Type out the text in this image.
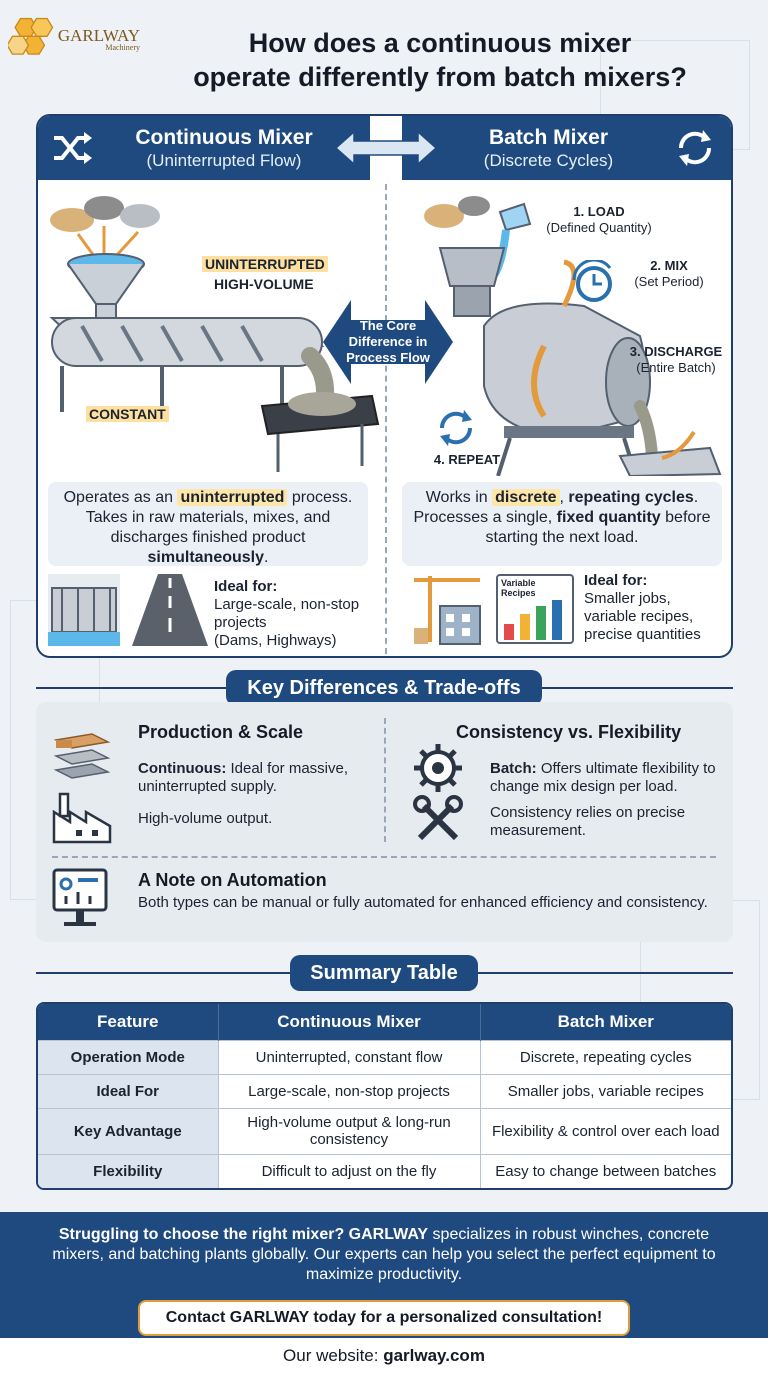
GARLWAY
Machinery	How does a continuous mixer
operate differently from batch mixers?
Continuous Mixer
(Uninterrupted Flow)
Batch Mixer
(Discrete Cycles)
UNINTERRUPTED
HIGH-VOLUME
CONSTANT
The Core Difference in Process Flow
1. LOAD
(Defined Quantity)
2. MIX
(Set Period)
3. DISCHARGE
(Entire Batch)
4. REPEAT
Operates as an uninterrupted process. Takes in raw materials, mixes, and discharges finished product simultaneously.
Works in discrete , repeating cycles. Processes a single, fixed quantity before starting the next load.
Ideal for:
Large-scale, non-stop projects
(Dams, Highways)
Variable Recipes
Ideal for:
Smaller jobs, variable recipes, precise quantities
Key Differences & Trade-offs
Production & Scale

Continuous: Ideal for massive, uninterrupted supply.

High-volume output.

Consistency vs. Flexibility

Batch: Offers ultimate flexibility to change mix design per load.

Consistency relies on precise measurement.

A Note on Automation

Both types can be manual or fully automated for enhanced efficiency and consistency.

Summary Table
Feature	Continuous Mixer	Batch Mixer
Operation Mode	Uninterrupted, constant flow	Discrete, repeating cycles
Ideal For	Large-scale, non-stop projects	Smaller jobs, variable recipes
Key Advantage	High-volume output & long-run consistency	Flexibility & control over each load
Flexibility	Difficult to adjust on the fly	Easy to change between batches
Struggling to choose the right mixer? GARLWAY specializes in robust winches, concrete mixers, and batching plants globally. Our experts can help you select the perfect equipment to maximize productivity.
Contact GARLWAY today for a personalized consultation!
Our website: garlway.com
